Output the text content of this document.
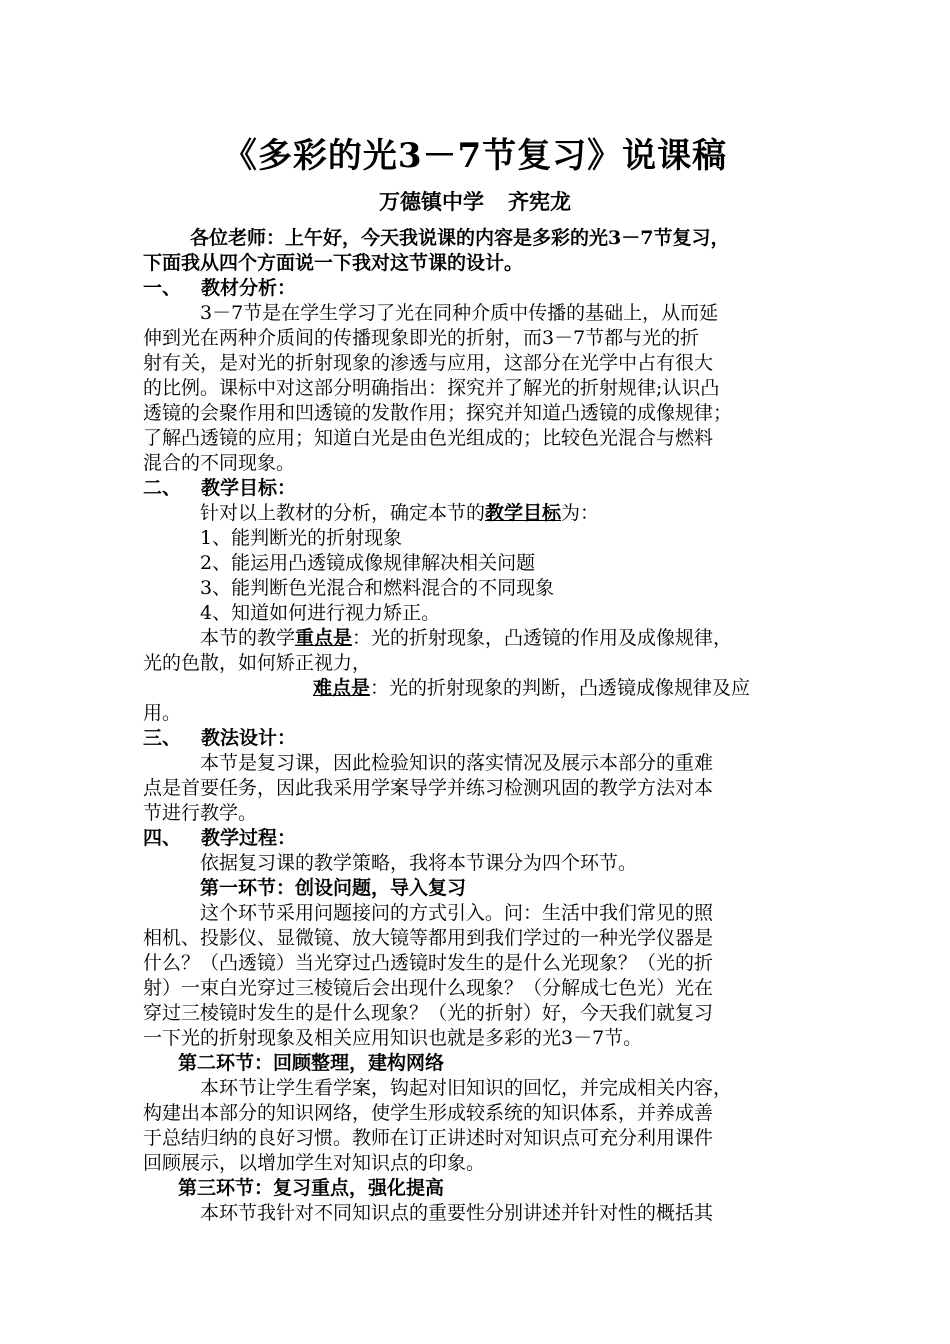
《多彩的光3－7节复习》说课稿
万德镇中学 齐宪龙
各位老师：上午好，今天我说课的内容是多彩的光3－7节复习，
下面我从四个方面说一下我对这节课的设计。
一、 教材分析：
3－7节是在学生学习了光在同种介质中传播的基础上，从而延
伸到光在两种介质间的传播现象即光的折射，而3－7节都与光的折
射有关，是对光的折射现象的渗透与应用，这部分在光学中占有很大
的比例。课标中对这部分明确指出：探究并了解光的折射规律;认识凸
透镜的会聚作用和凹透镜的发散作用；探究并知道凸透镜的成像规律；
了解凸透镜的应用；知道白光是由色光组成的；比较色光混合与燃料
混合的不同现象。
二、 教学目标：
针对以上教材的分析，确定本节的教学目标为：
1、能判断光的折射现象
2、能运用凸透镜成像规律解决相关问题
3、能判断色光混合和燃料混合的不同现象
4、知道如何进行视力矫正。
本节的教学重点是：光的折射现象，凸透镜的作用及成像规律，
光的色散，如何矫正视力，
难点是：光的折射现象的判断，凸透镜成像规律及应
用。
三、 教法设计：
本节是复习课，因此检验知识的落实情况及展示本部分的重难
点是首要任务，因此我采用学案导学并练习检测巩固的教学方法对本
节进行教学。
四、 教学过程：
依据复习课的教学策略，我将本节课分为四个环节。
第一环节：创设问题，导入复习
这个环节采用问题接问的方式引入。问：生活中我们常见的照
相机、投影仪、显微镜、放大镜等都用到我们学过的一种光学仪器是
什么？（凸透镜）当光穿过凸透镜时发生的是什么光现象？（光的折
射）一束白光穿过三棱镜后会出现什么现象？（分解成七色光）光在
穿过三棱镜时发生的是什么现象？（光的折射）好，今天我们就复习
一下光的折射现象及相关应用知识也就是多彩的光3－7节。
第二环节：回顾整理，建构网络
本环节让学生看学案，钩起对旧知识的回忆，并完成相关内容，
构建出本部分的知识网络，使学生形成较系统的知识体系，并养成善
于总结归纳的良好习惯。教师在订正讲述时对知识点可充分利用课件
回顾展示，以增加学生对知识点的印象。
第三环节：复习重点，强化提高
本环节我针对不同知识点的重要性分别讲述并针对性的概括其
